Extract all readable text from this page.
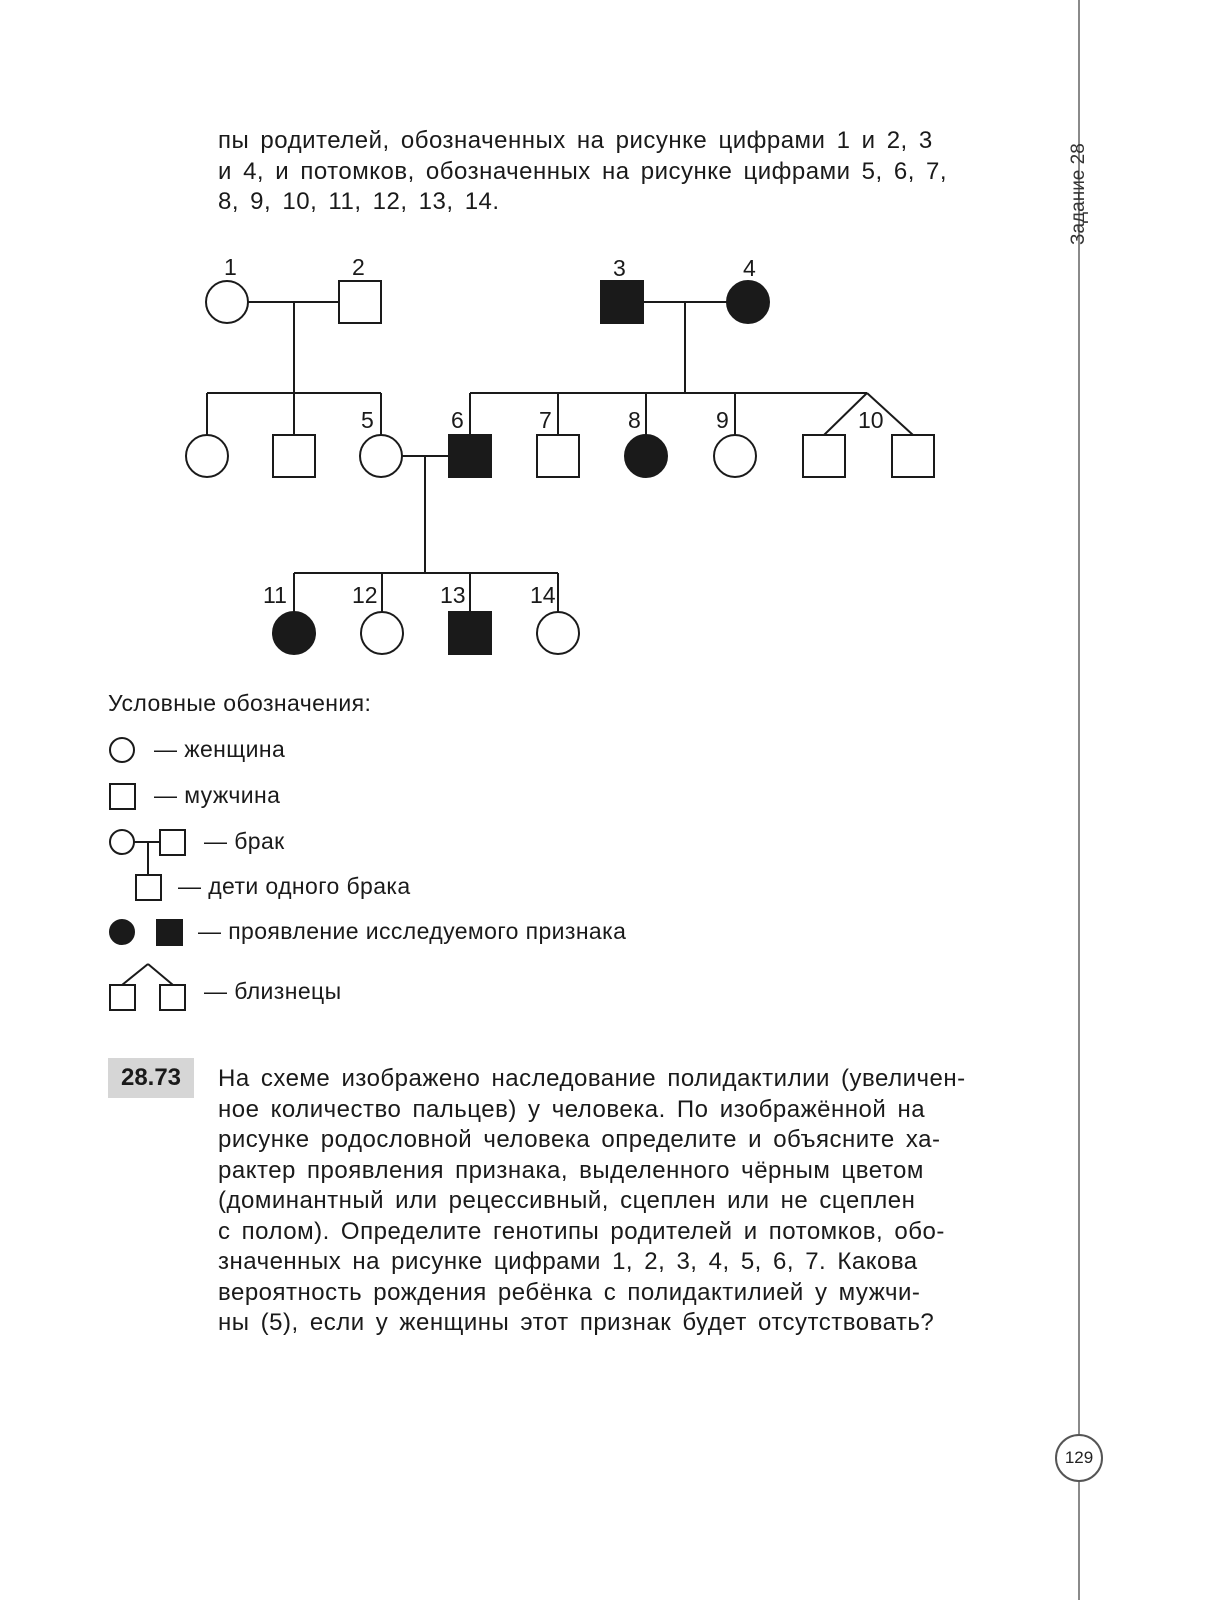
Задание 28
129

пы родителей, обозначенных на рисунке цифрами 1 и 2, 3

и 4, и потомков, обозначенных на рисунке цифрами 5, 6, 7,

8, 9, 10, 11, 12, 13, 14.

1	2	3	4
5	6	7	8	9	10
11	12	13	14
Условные обозначения:
— женщина
— мужчина
— брак
— дети одного брака
— проявление исследуемого признака
— близнецы
28.73	На схеме изображено наследование полидактилии (увеличен-

ное количество пальцев) у человека. По изображённой на

рисунке родословной человека определите и объясните ха-

рактер проявления признака, выделенного чёрным цветом

(доминантный или рецессивный, сцеплен или не сцеплен

с полом). Определите генотипы родителей и потомков, обо-

значенных на рисунке цифрами 1, 2, 3, 4, 5, 6, 7. Какова

вероятность рождения ребёнка с полидактилией у мужчи-

ны (5), если у женщины этот признак будет отсутствовать?
